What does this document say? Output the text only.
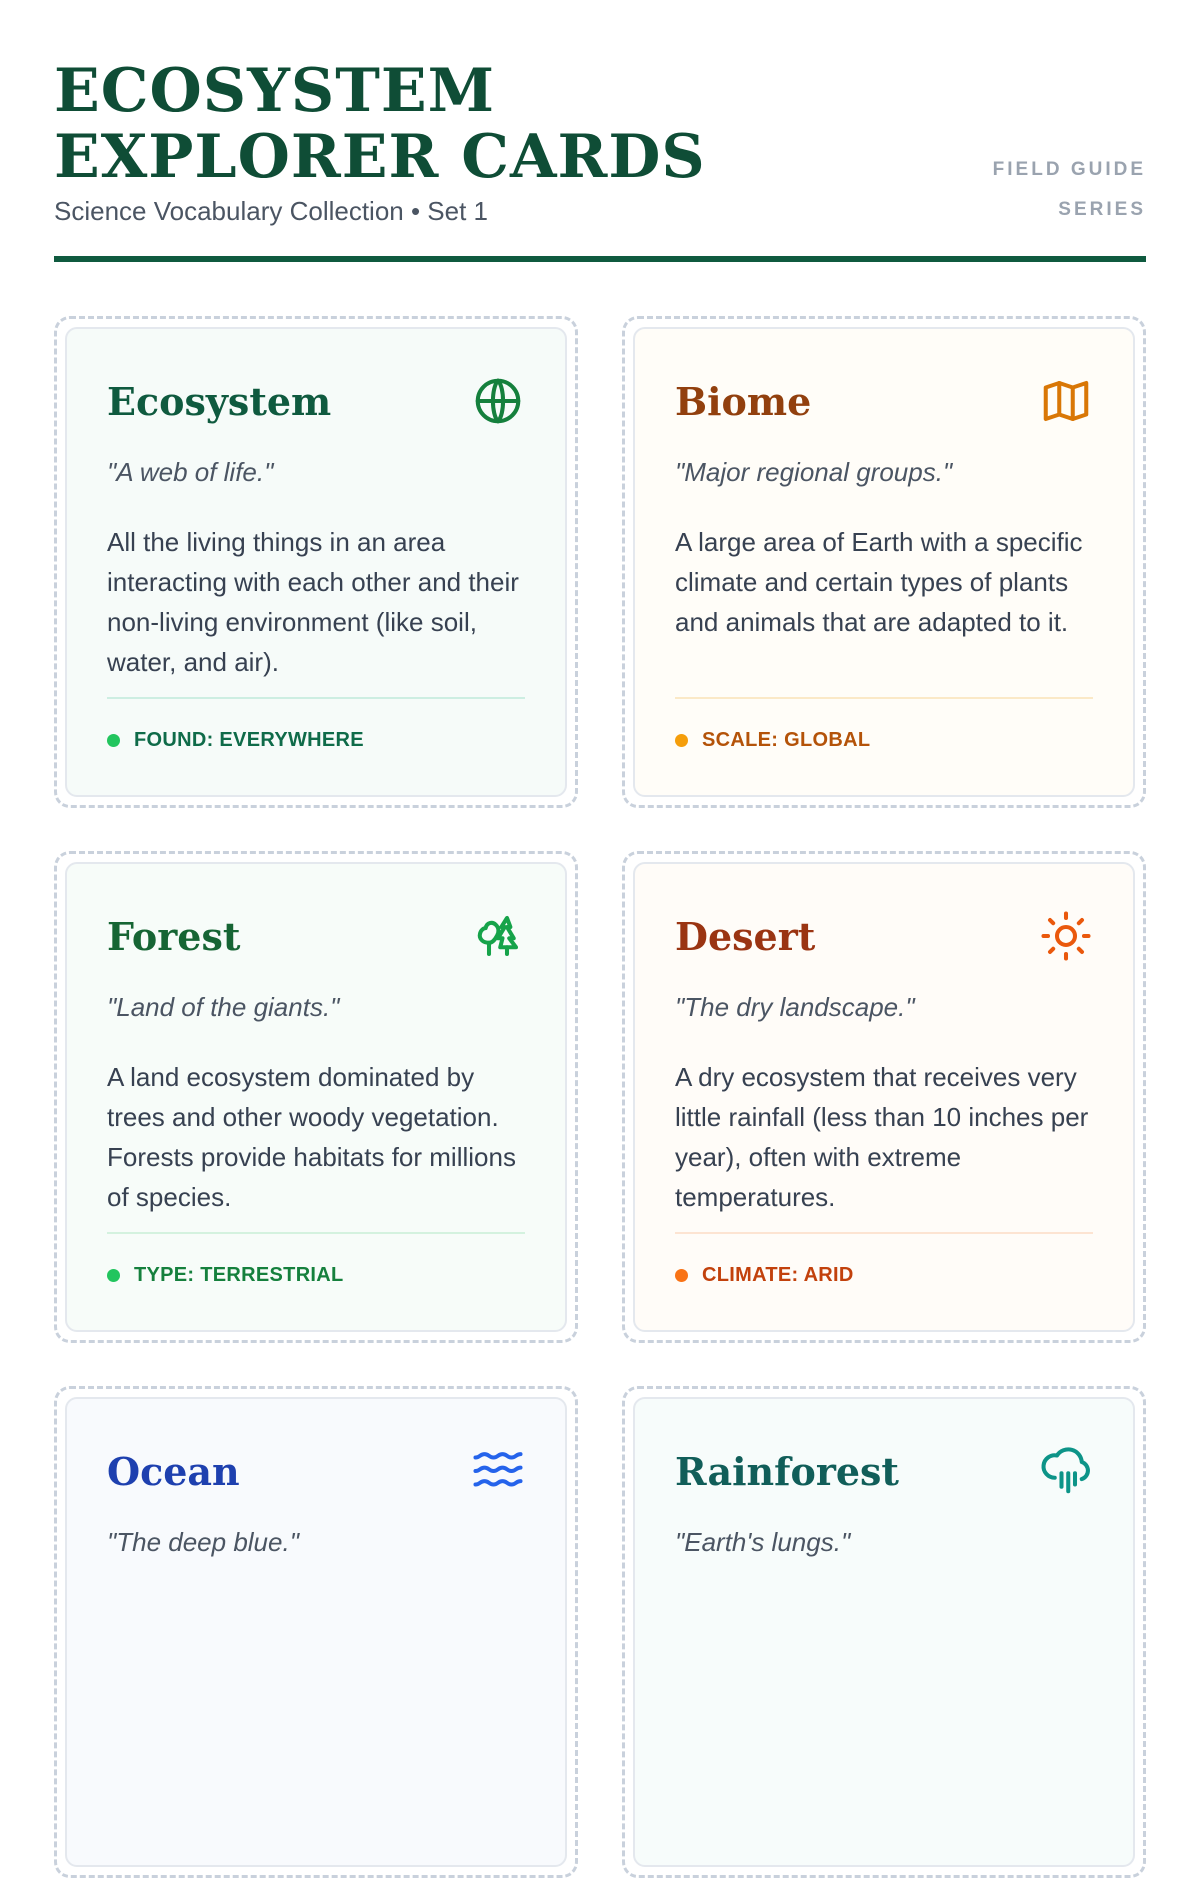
ECOSYSTEM EXPLORER CARDS
Science Vocabulary Collection • Set 1
FIELD GUIDE
SERIES
Ecosystem
"A web of life."
All the living things in an area interacting with each other and their non-living environment (like soil, water, and air).
FOUND: EVERYWHERE
Biome
"Major regional groups."
A large area of Earth with a specific climate and certain types of plants and animals that are adapted to it.
SCALE: GLOBAL
Forest
"Land of the giants."
A land ecosystem dominated by trees and other woody vegetation. Forests provide habitats for millions of species.
TYPE: TERRESTRIAL
Desert
"The dry landscape."
A dry ecosystem that receives very little rainfall (less than 10 inches per year), often with extreme temperatures.
CLIMATE: ARID
Ocean
"The deep blue."
Rainforest
"Earth's lungs."
